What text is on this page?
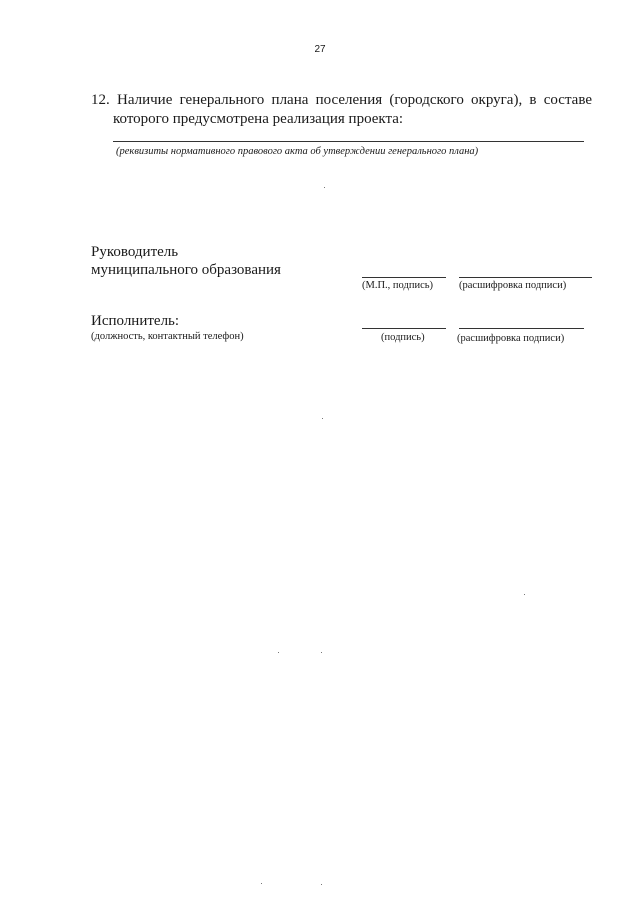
27
12. Наличие генерального плана поселения (городского округа), в составе
которого предусмотрена реализация проекта:
(реквизиты нормативного правового акта об утверждении генерального плана)
Руководитель
муниципального образования
(М.П., подпись) (расшифровка подписи)
Исполнитель:
(должность, контактный телефон)	(подпись)	(расшифровка подписи)
